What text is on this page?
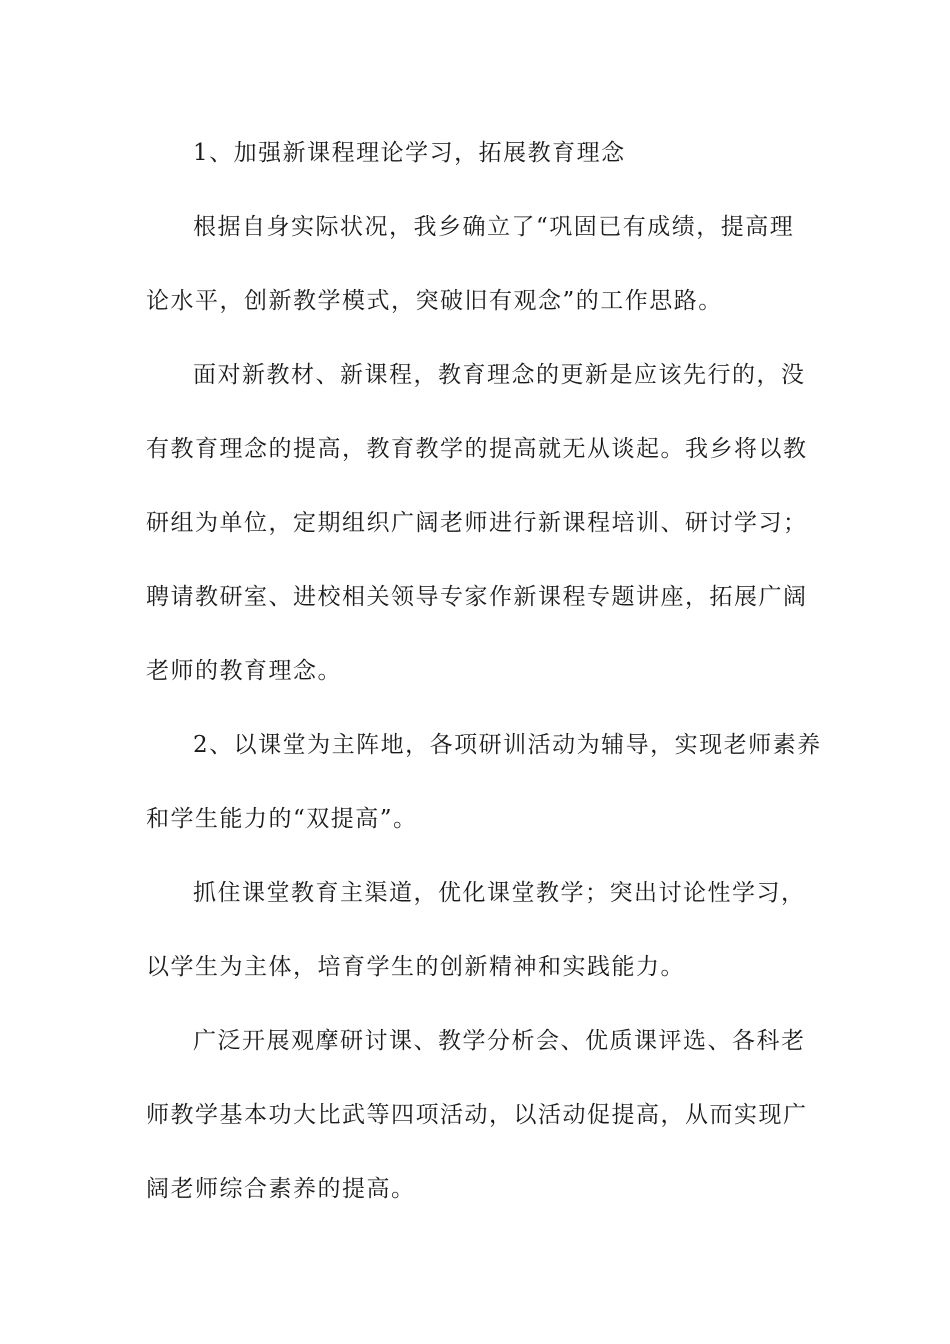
1、加强新课程理论学习，拓展教育理念

根据自身实际状况，我乡确立了“巩固已有成绩，提高理

论水平，创新教学模式，突破旧有观念”的工作思路。

面对新教材、新课程，教育理念的更新是应该先行的，没

有教育理念的提高，教育教学的提高就无从谈起。我乡将以教

研组为单位，定期组织广阔老师进行新课程培训、研讨学习；

聘请教研室、进校相关领导专家作新课程专题讲座，拓展广阔

老师的教育理念。

2、以课堂为主阵地，各项研训活动为辅导，实现老师素养

和学生能力的“双提高”。

抓住课堂教育主渠道，优化课堂教学；突出讨论性学习，

以学生为主体，培育学生的创新精神和实践能力。

广泛开展观摩研讨课、教学分析会、优质课评选、各科老

师教学基本功大比武等四项活动，以活动促提高，从而实现广

阔老师综合素养的提高。
